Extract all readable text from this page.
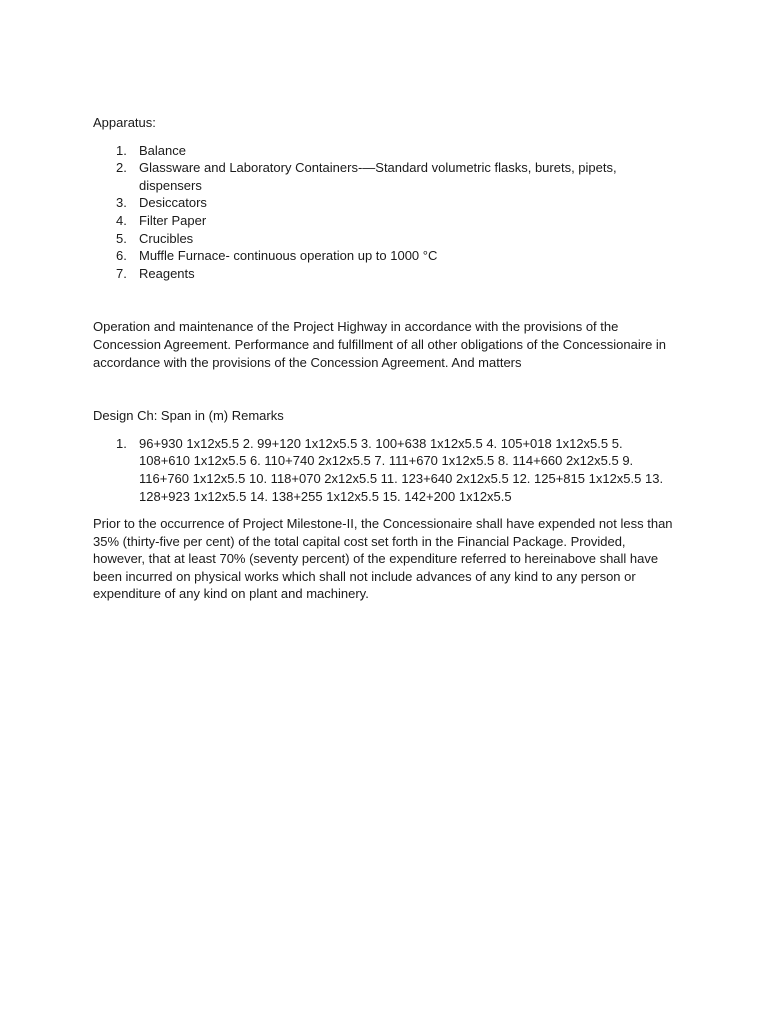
Apparatus:

1. Balance
2. Glassware and Laboratory Containers-—Standard volumetric flasks, burets, pipets, dispensers
3. Desiccators
4. Filter Paper
5. Crucibles
6. Muffle Furnace- continuous operation up to 1000 °C
7. Reagents

Operation and maintenance of the Project Highway in accordance with the provisions of the Concession Agreement. Performance and fulfillment of all other obligations of the Concessionaire in accordance with the provisions of the Concession Agreement. And matters

Design Ch: Span in (m) Remarks

1. 96+930 1x12x5.5 2. 99+120 1x12x5.5 3. 100+638 1x12x5.5 4. 105+018 1x12x5.5 5. 108+610 1x12x5.5 6. 110+740 2x12x5.5 7. 111+670 1x12x5.5 8. 114+660 2x12x5.5 9. 116+760 1x12x5.5 10. 118+070 2x12x5.5 11. 123+640 2x12x5.5 12. 125+815 1x12x5.5 13. 128+923 1x12x5.5 14. 138+255 1x12x5.5 15. 142+200 1x12x5.5

Prior to the occurrence of Project Milestone-II, the Concessionaire shall have expended not less than 35% (thirty-five per cent) of the total capital cost set forth in the Financial Package. Provided, however, that at least 70% (seventy percent) of the expenditure referred to hereinabove shall have been incurred on physical works which shall not include advances of any kind to any person or expenditure of any kind on plant and machinery.
